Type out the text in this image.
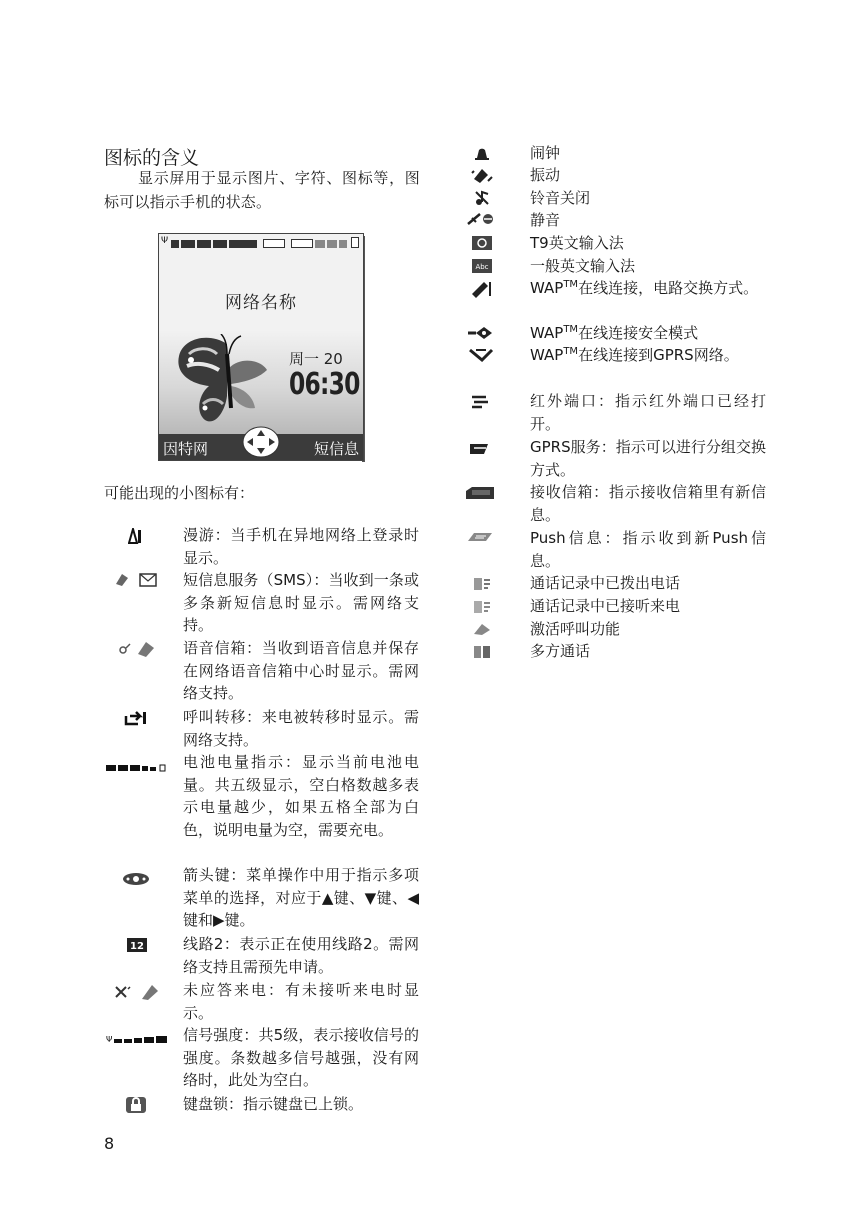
图标的含义
显示屏用于显示图片、字符、图标等，图标可以指示手机的状态。
Ψ
网络名称
周一 20
06:30
因特网	短信息
可能出现的小图标有：
漫游：当手机在异地网络上登录时显示。
短信息服务（SMS）：当收到一条或多条新短信息时显示。需网络支持。
语音信箱：当收到语音信息并保存在网络语音信箱中心时显示。需网络支持。
呼叫转移：来电被转移时显示。需网络支持。
电池电量指示：显示当前电池电量。共五级显示，空白格数越多表示电量越少，如果五格全部为白色，说明电量为空，需要充电。
箭头键：菜单操作中用于指示多项菜单的选择，对应于▲键、▼键、◀键和▶键。
12	线路2：表示正在使用线路2。需网络支持且需预先申请。
未应答来电：有未接听来电时显示。
Ψ	信号强度：共5级，表示接收信号的强度。条数越多信号越强，没有网络时，此处为空白。
键盘锁：指示键盘已上锁。
闹钟
振动
铃音关闭
静音
T9英文输入法
Abc	一般英文输入法
WAP™在线连接，电路交换方式。
WAP™在线连接安全模式
WAP™在线连接到GPRS网络。
红外端口：指示红外端口已经打开。
GPRS服务：指示可以进行分组交换方式。
接收信箱：指示接收信箱里有新信息。
Push信息：指示收到新Push信息。
通话记录中已拨出电话
通话记录中已接听来电
激活呼叫功能
多方通话
8
